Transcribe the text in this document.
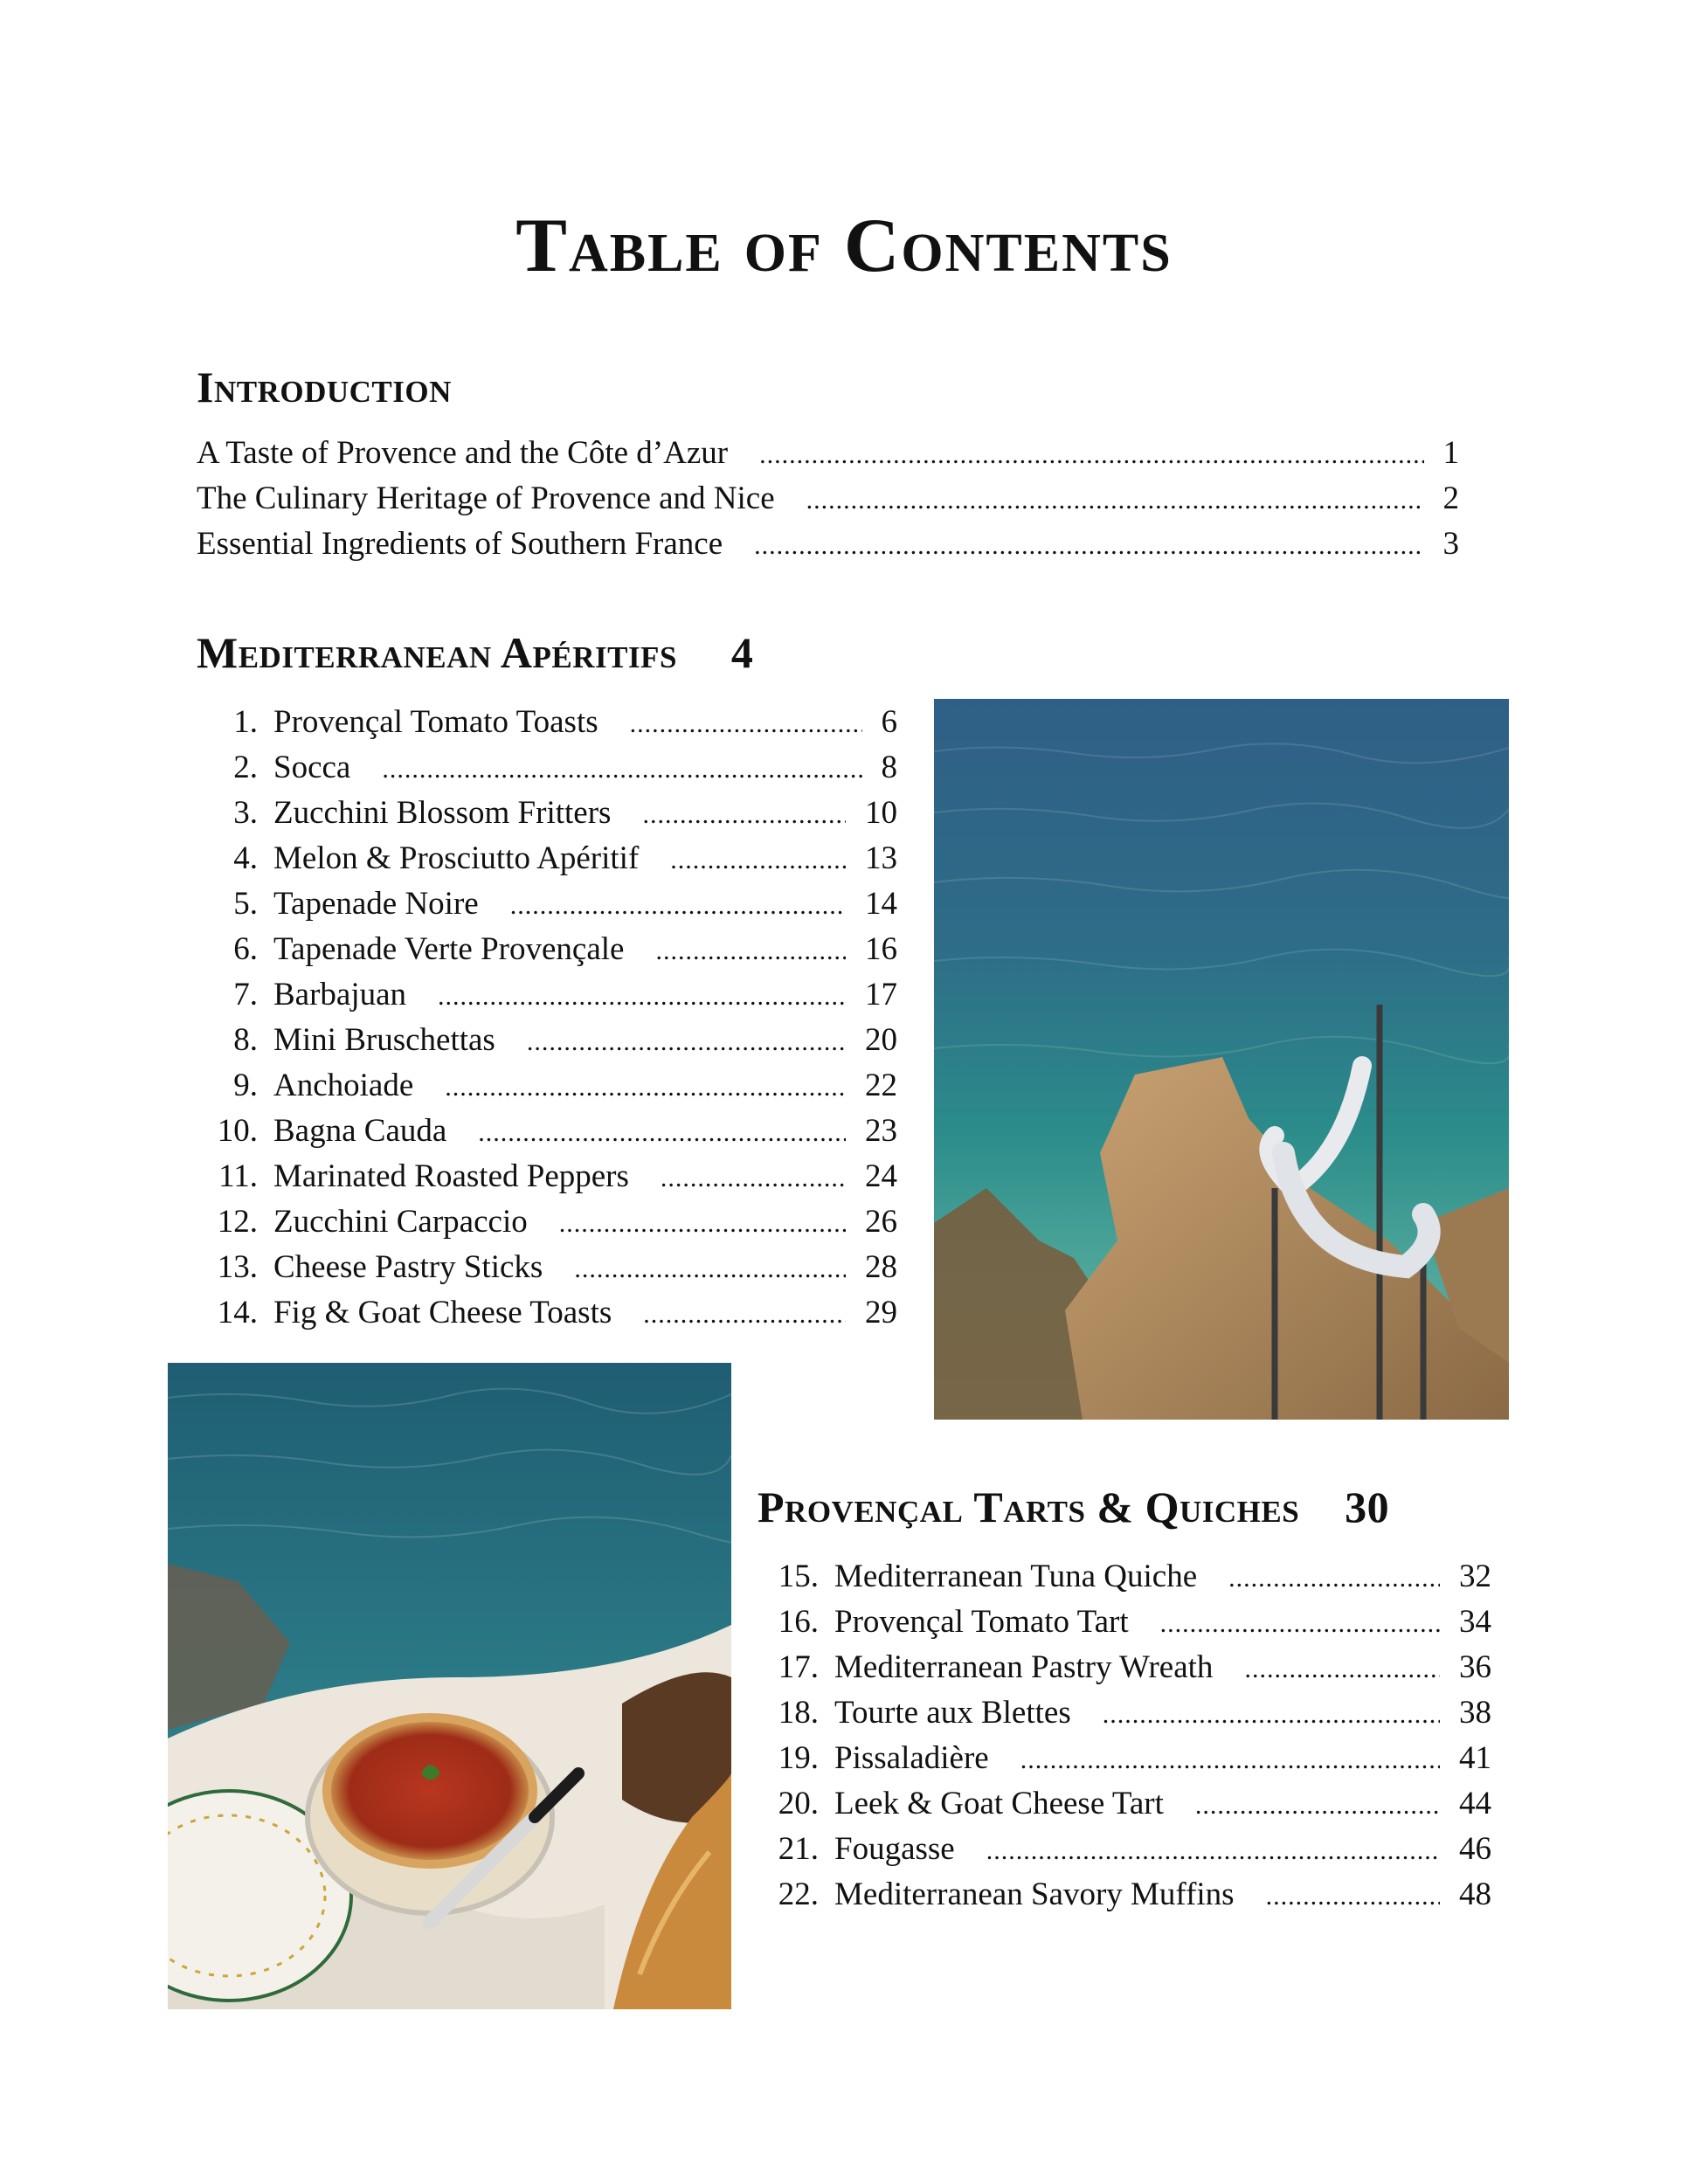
Table of Contents
Introduction
A Taste of Provence and the Côte d’Azur .....	1
The Culinary Heritage of Provence and Nice .....	2
Essential Ingredients of Southern France .....	3
Mediterranean Apéritifs 4
1. Provençal Tomato Toasts .....	6
2. Socca .....	8
3. Zucchini Blossom Fritters .....	10
4. Melon & Prosciutto Apéritif .....	13
5. Tapenade Noire .....	14
6. Tapenade Verte Provençale .....	16
7. Barbajuan .....	17
8. Mini Bruschettas .....	20
9. Anchoiade .....	22
10. Bagna Cauda .....	23
11. Marinated Roasted Peppers .....	24
12. Zucchini Carpaccio .....	26
13. Cheese Pastry Sticks .....	28
14. Fig & Goat Cheese Toasts .....	29
Provençal Tarts & Quiches 30
15. Mediterranean Tuna Quiche .....	32
16. Provençal Tomato Tart .....	34
17. Mediterranean Pastry Wreath .....	36
18. Tourte aux Blettes .....	38
19. Pissaladière .....	41
20. Leek & Goat Cheese Tart .....	44
21. Fougasse .....	46
22. Mediterranean Savory Muffins .....	48
